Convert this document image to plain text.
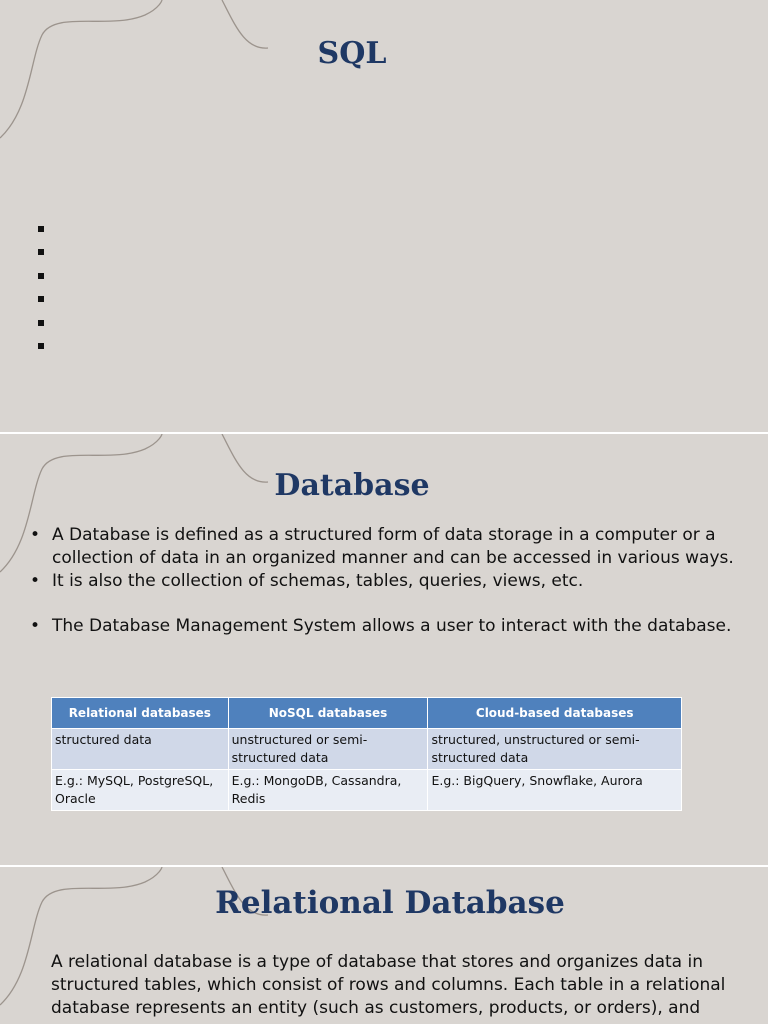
SQL
Database
• A Database is defined as a structured form of data storage in a computer or a collection of data in an organized manner and can be accessed in various ways.
• It is also the collection of schemas, tables, queries, views, etc.
• The Database Management System allows a user to interact with the database.
Relational databases	NoSQL databases	Cloud-based databases
structured data	unstructured or semi-structured data	structured, unstructured or semi-structured data
E.g.: MySQL, PostgreSQL, Oracle	E.g.: MongoDB, Cassandra, Redis	E.g.: BigQuery, Snowflake, Aurora
Relational Database

A relational database is a type of database that stores and organizes data in structured tables, which consist of rows and columns. Each table in a relational database represents an entity (such as customers, products, or orders), and
